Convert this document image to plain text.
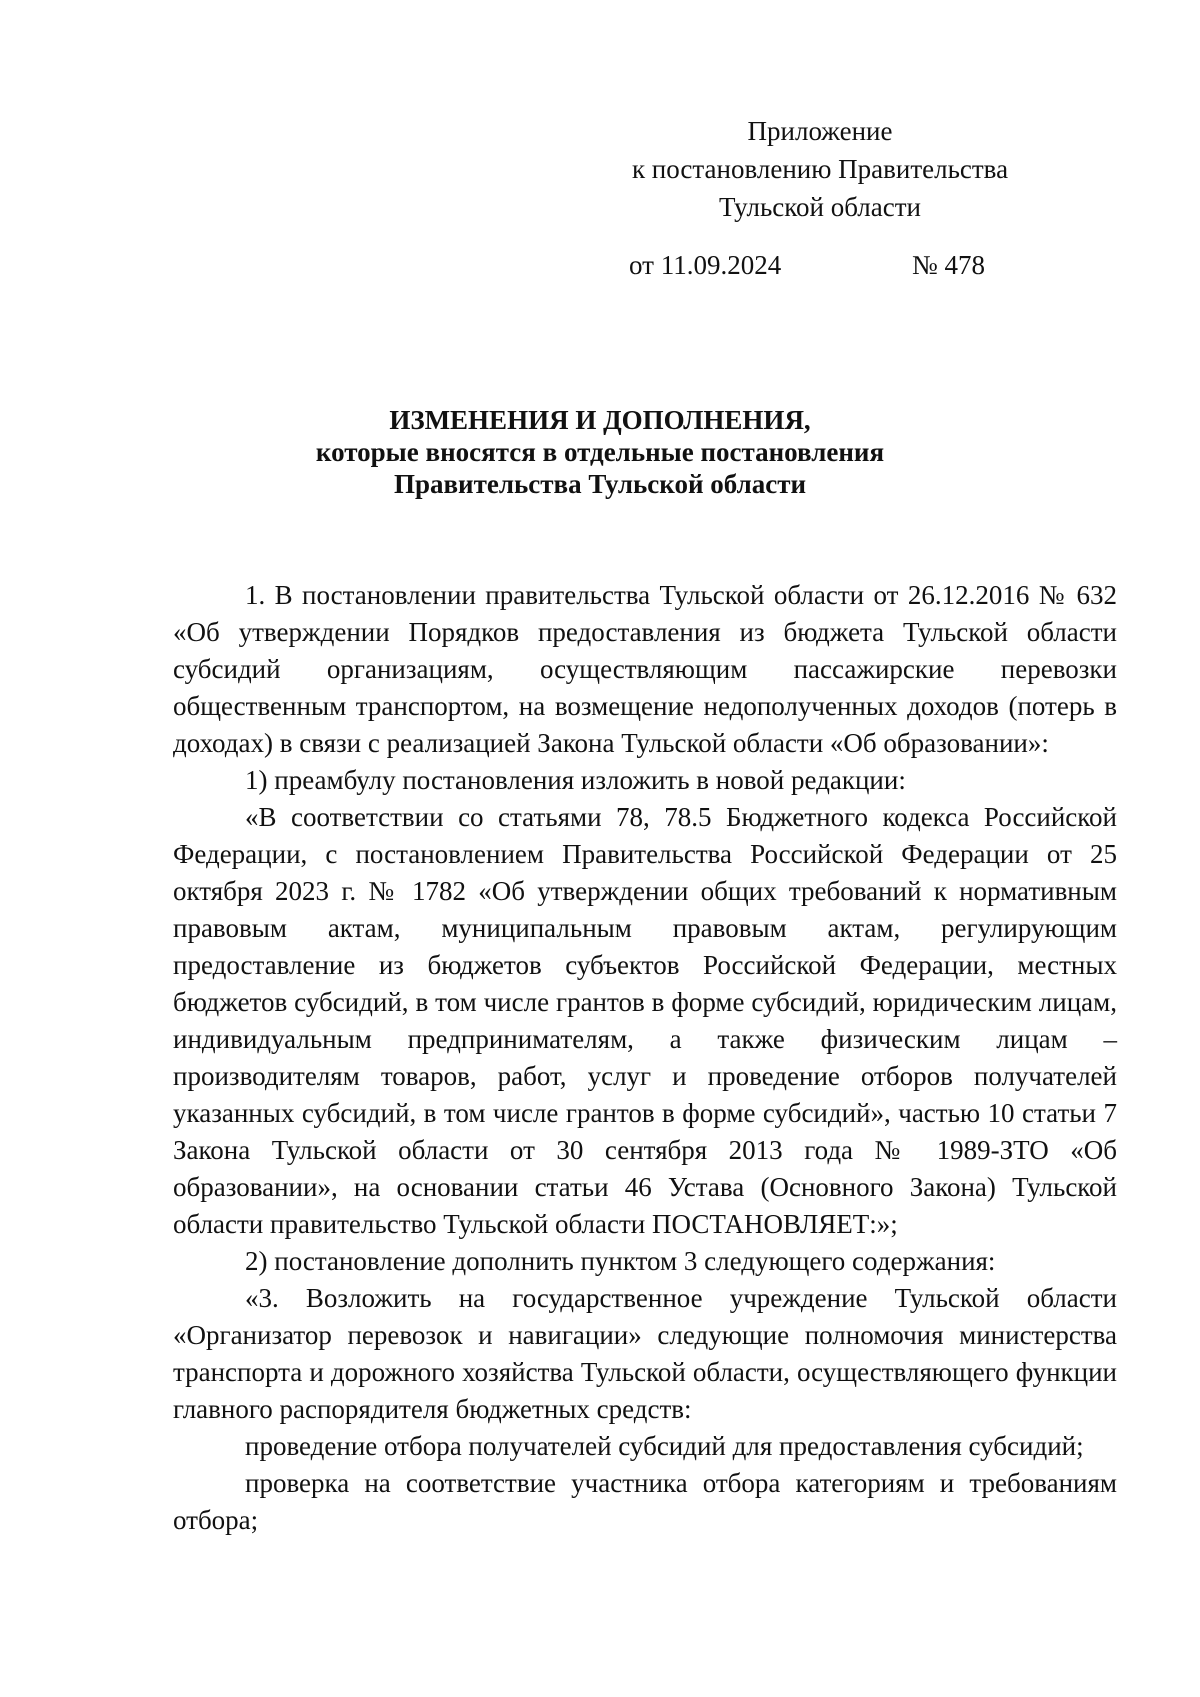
Приложение
к постановлению Правительства
Тульской области
от 11.09.2024	№ 478
ИЗМЕНЕНИЯ И ДОПОЛНЕНИЯ,
которые вносятся в отдельные постановления
Правительства Тульской области

1. В постановлении правительства Тульской области от 26.12.2016 № 632 «Об утверждении Порядков предоставления из бюджета Тульской области субсидий организациям, осуществляющим пассажирские перевозки общественным транспортом, на возмещение недополученных доходов (потерь в доходах) в связи с реализацией Закона Тульской области «Об образовании»:

1) преамбулу постановления изложить в новой редакции:

«В соответствии со статьями 78, 78.5 Бюджетного кодекса Российской Федерации, с постановлением Правительства Российской Федерации от 25 октября 2023 г. № 1782 «Об утверждении общих требований к нормативным правовым актам, муниципальным правовым актам, регулирующим предоставление из бюджетов субъектов Российской Федерации, местных бюджетов субсидий, в том числе грантов в форме субсидий, юридическим лицам, индивидуальным предпринимателям, а также физическим лицам – производителям товаров, работ, услуг и проведение отборов получателей указанных субсидий, в том числе грантов в форме субсидий», частью 10 статьи 7 Закона Тульской области от 30 сентября 2013 года № 1989-ЗТО «Об образовании», на основании статьи 46 Устава (Основного Закона) Тульской области правительство Тульской области ПОСТАНОВЛЯЕТ:»;

2) постановление дополнить пунктом 3 следующего содержания:

«3. Возложить на государственное учреждение Тульской области «Организатор перевозок и навигации» следующие полномочия министерства транспорта и дорожного хозяйства Тульской области, осуществляющего функции главного распорядителя бюджетных средств:

проведение отбора получателей субсидий для предоставления субсидий;

проверка на соответствие участника отбора категориям и требованиям отбора;
